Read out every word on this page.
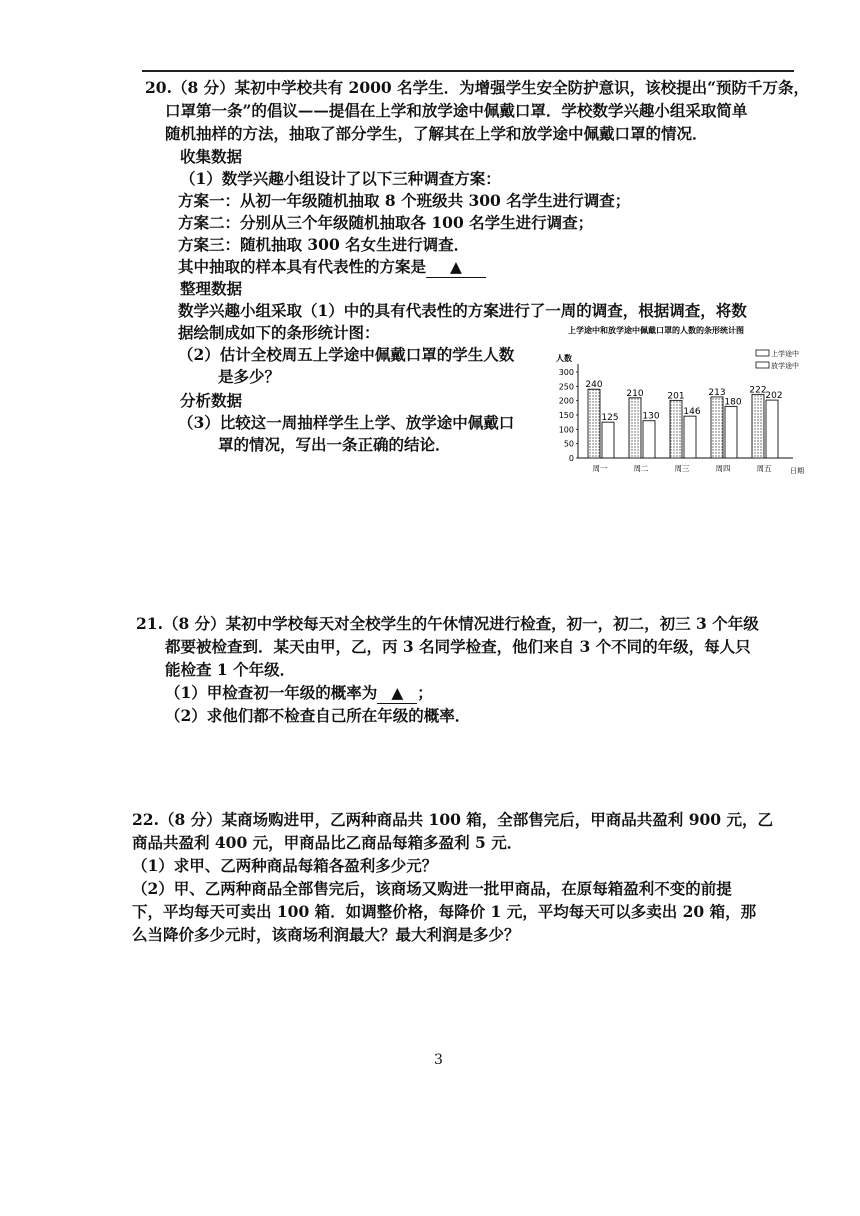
20.（8 分）某初中学校共有 2000 名学生．为增强学生安全防护意识，该校提出“预防千万条，
口罩第一条”的倡议——提倡在上学和放学途中佩戴口罩．学校数学兴趣小组采取简单
随机抽样的方法，抽取了部分学生，了解其在上学和放学途中佩戴口罩的情况．
收集数据
（1）数学兴趣小组设计了以下三种调查方案：
方案一：从初一年级随机抽取 8 个班级共 300 名学生进行调查；
方案二：分别从三个年级随机抽取各 100 名学生进行调查；
方案三：随机抽取 300 名女生进行调查．
其中抽取的样本具有代表性的方案是 ▲
整理数据
数学兴趣小组采取（1）中的具有代表性的方案进行了一周的调查，根据调查，将数
据绘制成如下的条形统计图：
（2）估计全校周五上学途中佩戴口罩的学生人数
是多少？
分析数据
（3）比较这一周抽样学生上学、放学途中佩戴口
罩的情况，写出一条正确的结论．
上学途中和放学途中佩戴口罩的人数的条形统计图
人数
日期
上学途中
放学途中
0
50
100
150
200
250
300
周一	周二	周三	周四	周五
240
125
210
130
201
146
213
180
222
202
21.（8 分）某初中学校每天对全校学生的午休情况进行检查，初一，初二，初三 3 个年级
都要被检查到．某天由甲，乙，丙 3 名同学检查，他们来自 3 个不同的年级，每人只
能检查 1 个年级．
（1）甲检查初一年级的概率为 ▲ ；
（2）求他们都不检查自己所在年级的概率．
22.（8 分）某商场购进甲，乙两种商品共 100 箱，全部售完后，甲商品共盈利 900 元，乙
商品共盈利 400 元，甲商品比乙商品每箱多盈利 5 元．
（1）求甲、乙两种商品每箱各盈利多少元？
（2）甲、乙两种商品全部售完后，该商场又购进一批甲商品，在原每箱盈利不变的前提
下，平均每天可卖出 100 箱．如调整价格，每降价 1 元，平均每天可以多卖出 20 箱，那
么当降价多少元时，该商场利润最大？最大利润是多少？
3
